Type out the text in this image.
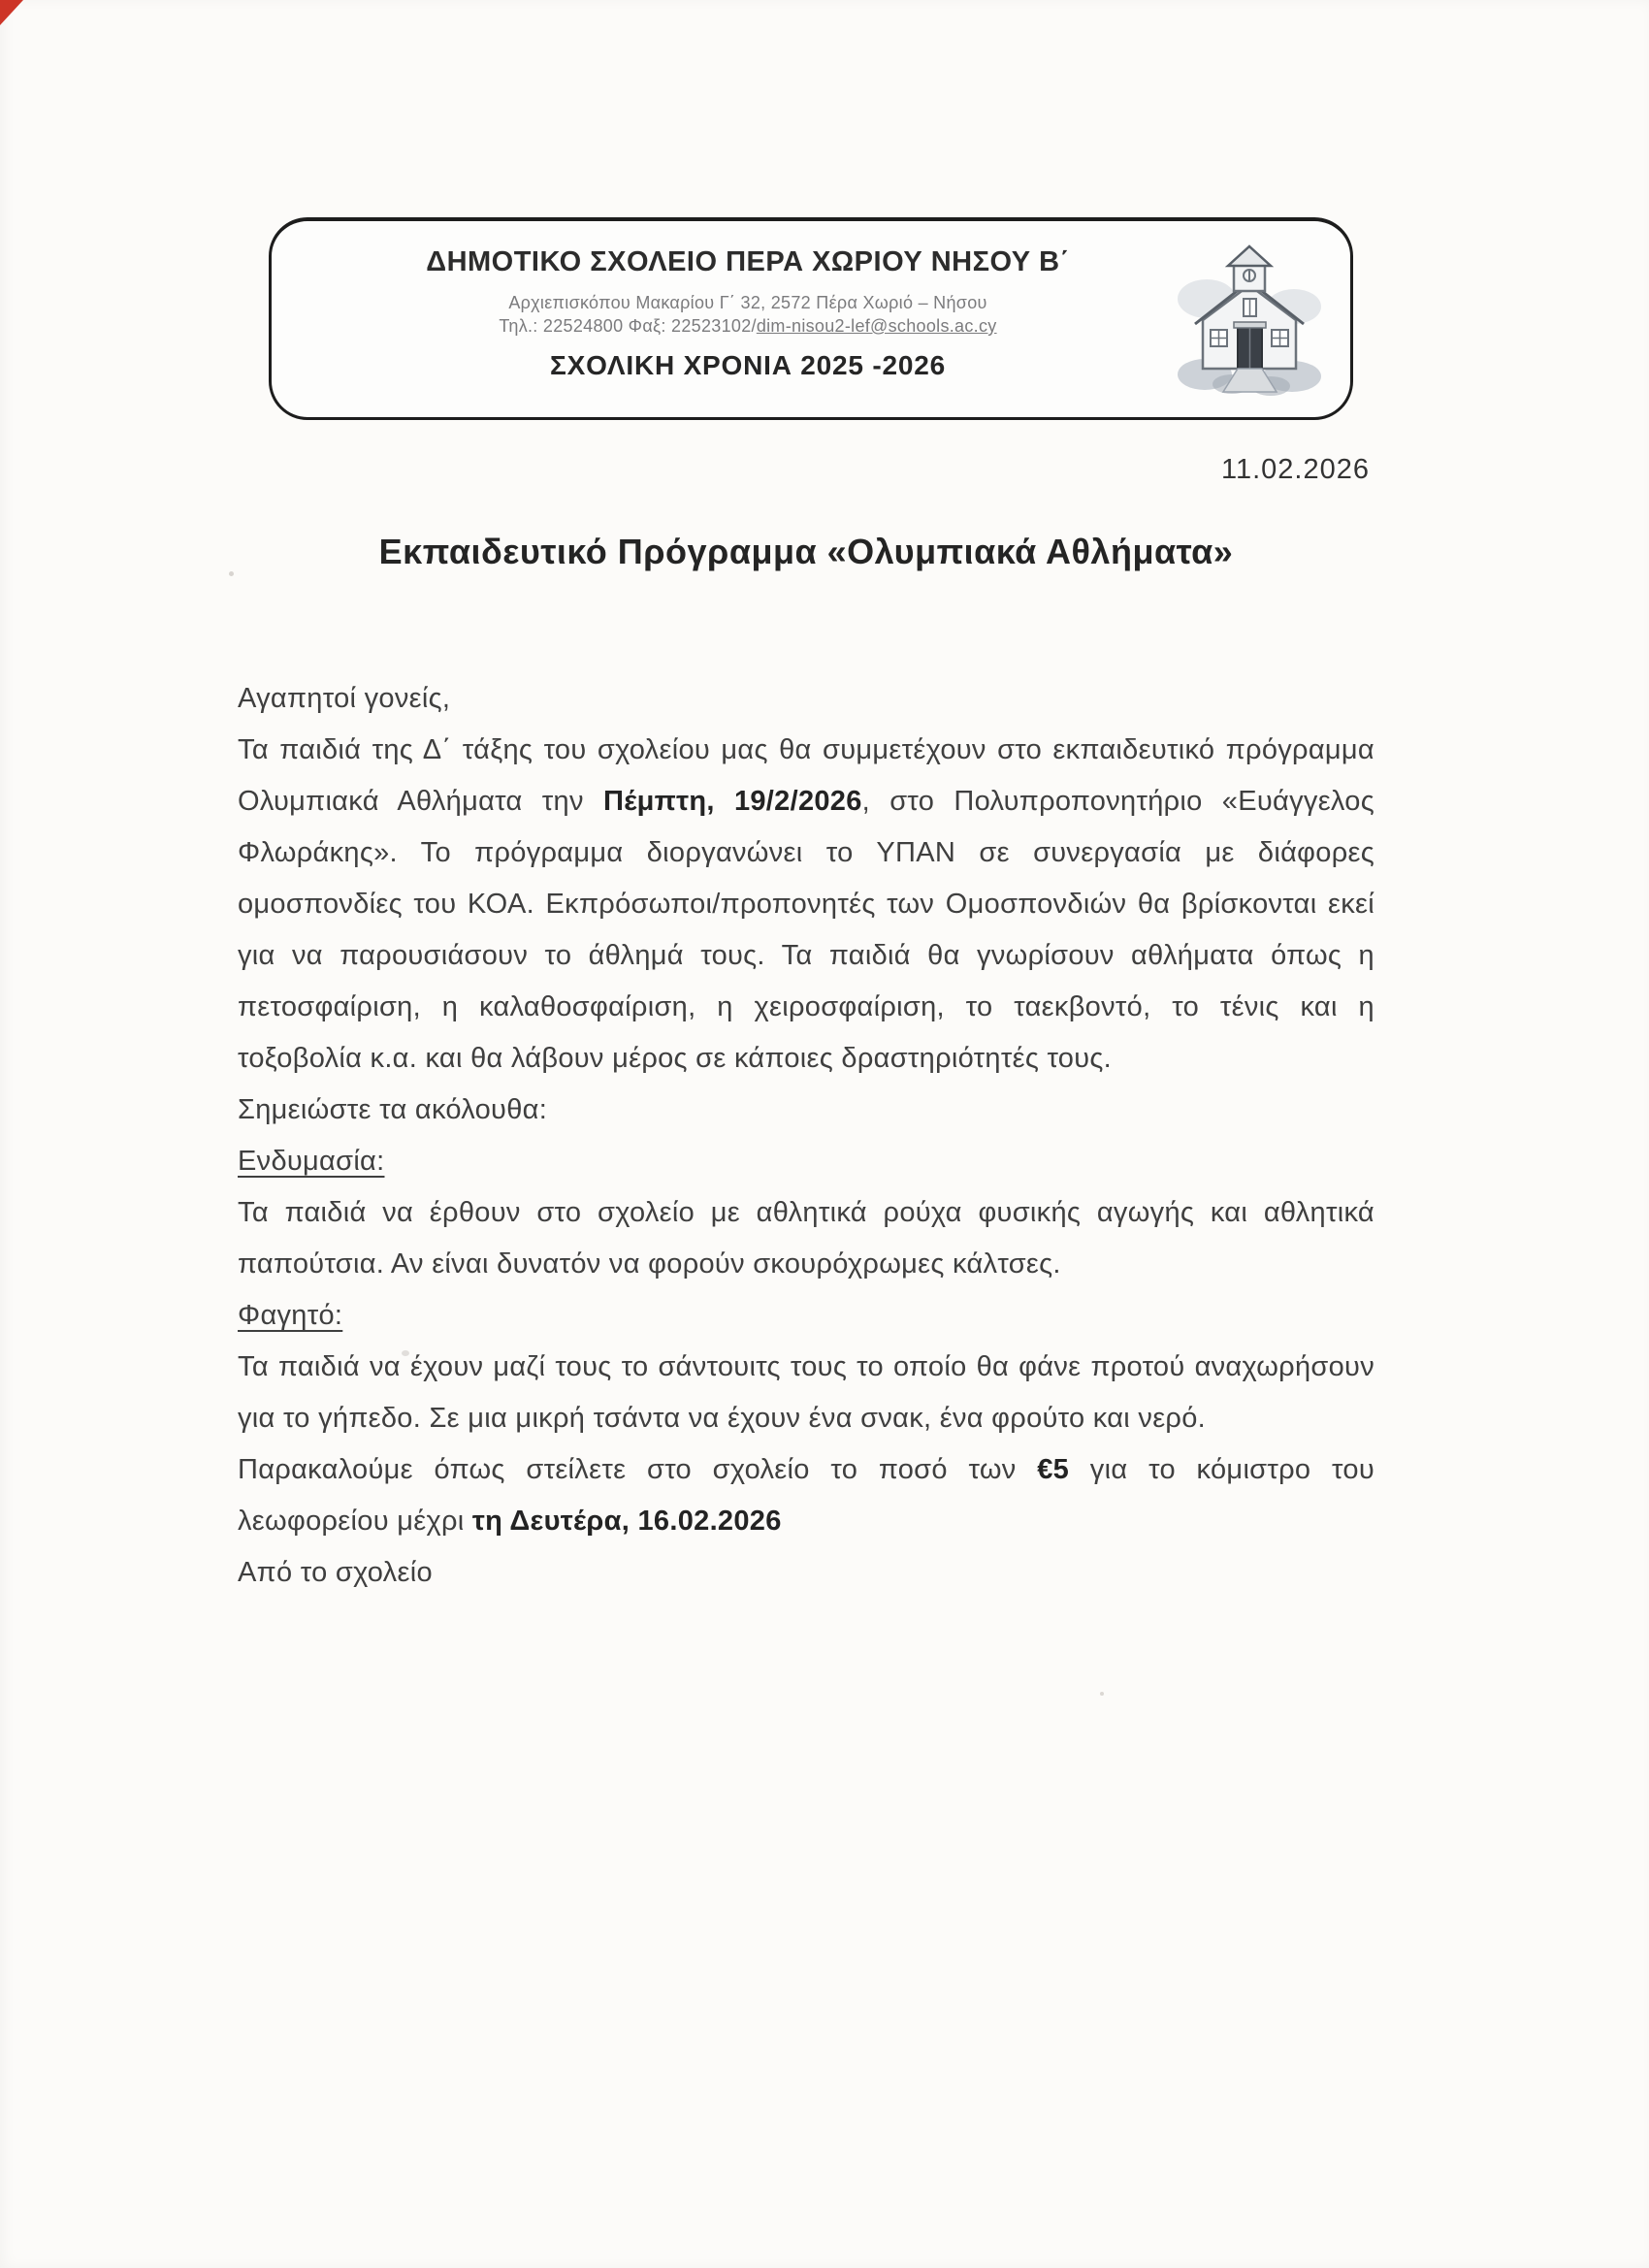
ΔΗΜΟΤΙΚΟ ΣΧΟΛΕΙΟ ΠΕΡΑ ΧΩΡΙΟΥ ΝΗΣΟΥ Β΄
Αρχιεπισκόπου Μακαρίου Γ΄ 32, 2572 Πέρα Χωριό – Νήσου
Τηλ.: 22524800 Φαξ: 22523102/dim-nisou2-lef@schools.ac.cy
ΣΧΟΛΙΚΗ ΧΡΟΝΙΑ 2025 -2026
11.02.2026
Εκπαιδευτικό Πρόγραμμα «Ολυμπιακά Αθλήματα»

Αγαπητοί γονείς,

Τα παιδιά της Δ΄ τάξης του σχολείου μας θα συμμετέχουν στο εκπαιδευτικό πρόγραμμα Ολυμπιακά Αθλήματα την Πέμπτη, 19/2/2026, στο Πολυπροπονητήριο «Ευάγγελος Φλωράκης». Το πρόγραμμα διοργανώνει το ΥΠΑΝ σε συνεργασία με διάφορες ομοσπονδίες του ΚΟΑ. Εκπρόσωποι/προπονητές των Ομοσπονδιών θα βρίσκονται εκεί για να παρουσιάσουν το άθλημά τους. Τα παιδιά θα γνωρίσουν αθλήματα όπως η πετοσφαίριση, η καλαθοσφαίριση, η χειροσφαίριση, το ταεκβοντό, το τένις και η τοξοβολία κ.α. και θα λάβουν μέρος σε κάποιες δραστηριότητές τους.

Σημειώστε τα ακόλουθα:

Ενδυμασία:

Τα παιδιά να έρθουν στο σχολείο με αθλητικά ρούχα φυσικής αγωγής και αθλητικά παπούτσια. Αν είναι δυνατόν να φορούν σκουρόχρωμες κάλτσες.

Φαγητό:

Τα παιδιά να έχουν μαζί τους το σάντουιτς τους το οποίο θα φάνε προτού αναχωρήσουν για το γήπεδο. Σε μια μικρή τσάντα να έχουν ένα σνακ, ένα φρούτο και νερό.

Παρακαλούμε όπως στείλετε στο σχολείο το ποσό των €5 για το κόμιστρο του λεωφορείου μέχρι τη Δευτέρα, 16.02.2026

Από το σχολείο
